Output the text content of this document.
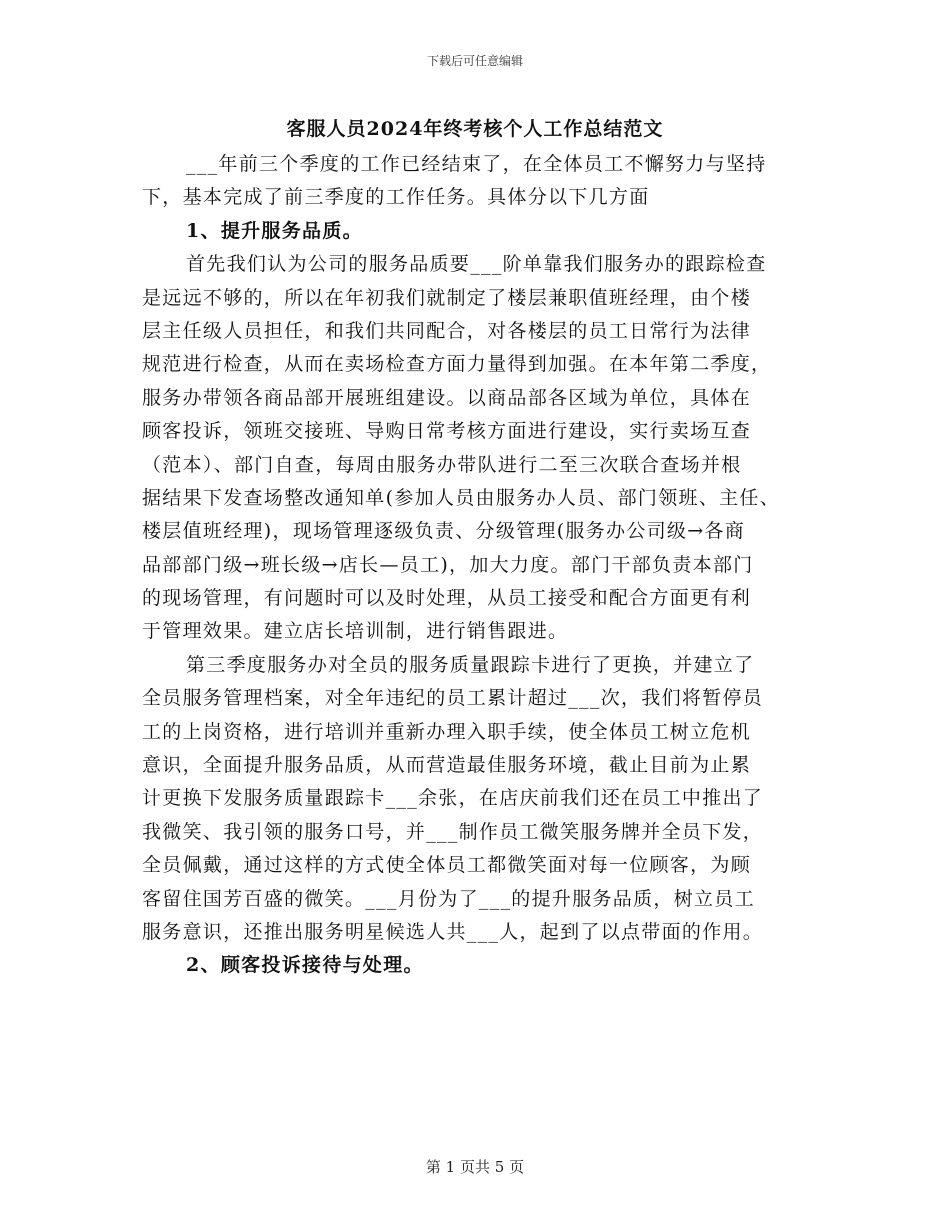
下载后可任意编辑
客服人员2024年终考核个人工作总结范文
___年前三个季度的工作已经结束了，在全体员工不懈努力与坚持
下，基本完成了前三季度的工作任务。具体分以下几方面
1、提升服务品质。
首先我们认为公司的服务品质要___阶单靠我们服务办的跟踪检查
是远远不够的，所以在年初我们就制定了楼层兼职值班经理，由个楼
层主任级人员担任，和我们共同配合，对各楼层的员工日常行为法律
规范进行检查，从而在卖场检查方面力量得到加强。在本年第二季度，
服务办带领各商品部开展班组建设。以商品部各区域为单位，具体在
顾客投诉，领班交接班、导购日常考核方面进行建设，实行卖场互查
（范本）、部门自查，每周由服务办带队进行二至三次联合查场并根
据结果下发查场整改通知单(参加人员由服务办人员、部门领班、主任、
楼层值班经理)，现场管理逐级负责、分级管理(服务办公司级→各商
品部部门级→班长级→店长—员工)，加大力度。部门干部负责本部门
的现场管理，有问题时可以及时处理，从员工接受和配合方面更有利
于管理效果。建立店长培训制，进行销售跟进。
第三季度服务办对全员的服务质量跟踪卡进行了更换，并建立了
全员服务管理档案，对全年违纪的员工累计超过___次，我们将暂停员
工的上岗资格，进行培训并重新办理入职手续，使全体员工树立危机
意识，全面提升服务品质，从而营造最佳服务环境，截止目前为止累
计更换下发服务质量跟踪卡___余张，在店庆前我们还在员工中推出了
我微笑、我引领的服务口号，并___制作员工微笑服务牌并全员下发，
全员佩戴，通过这样的方式使全体员工都微笑面对每一位顾客，为顾
客留住国芳百盛的微笑。___月份为了___的提升服务品质，树立员工
服务意识，还推出服务明星候选人共___人，起到了以点带面的作用。
2、顾客投诉接待与处理。
第 1 页共 5 页
